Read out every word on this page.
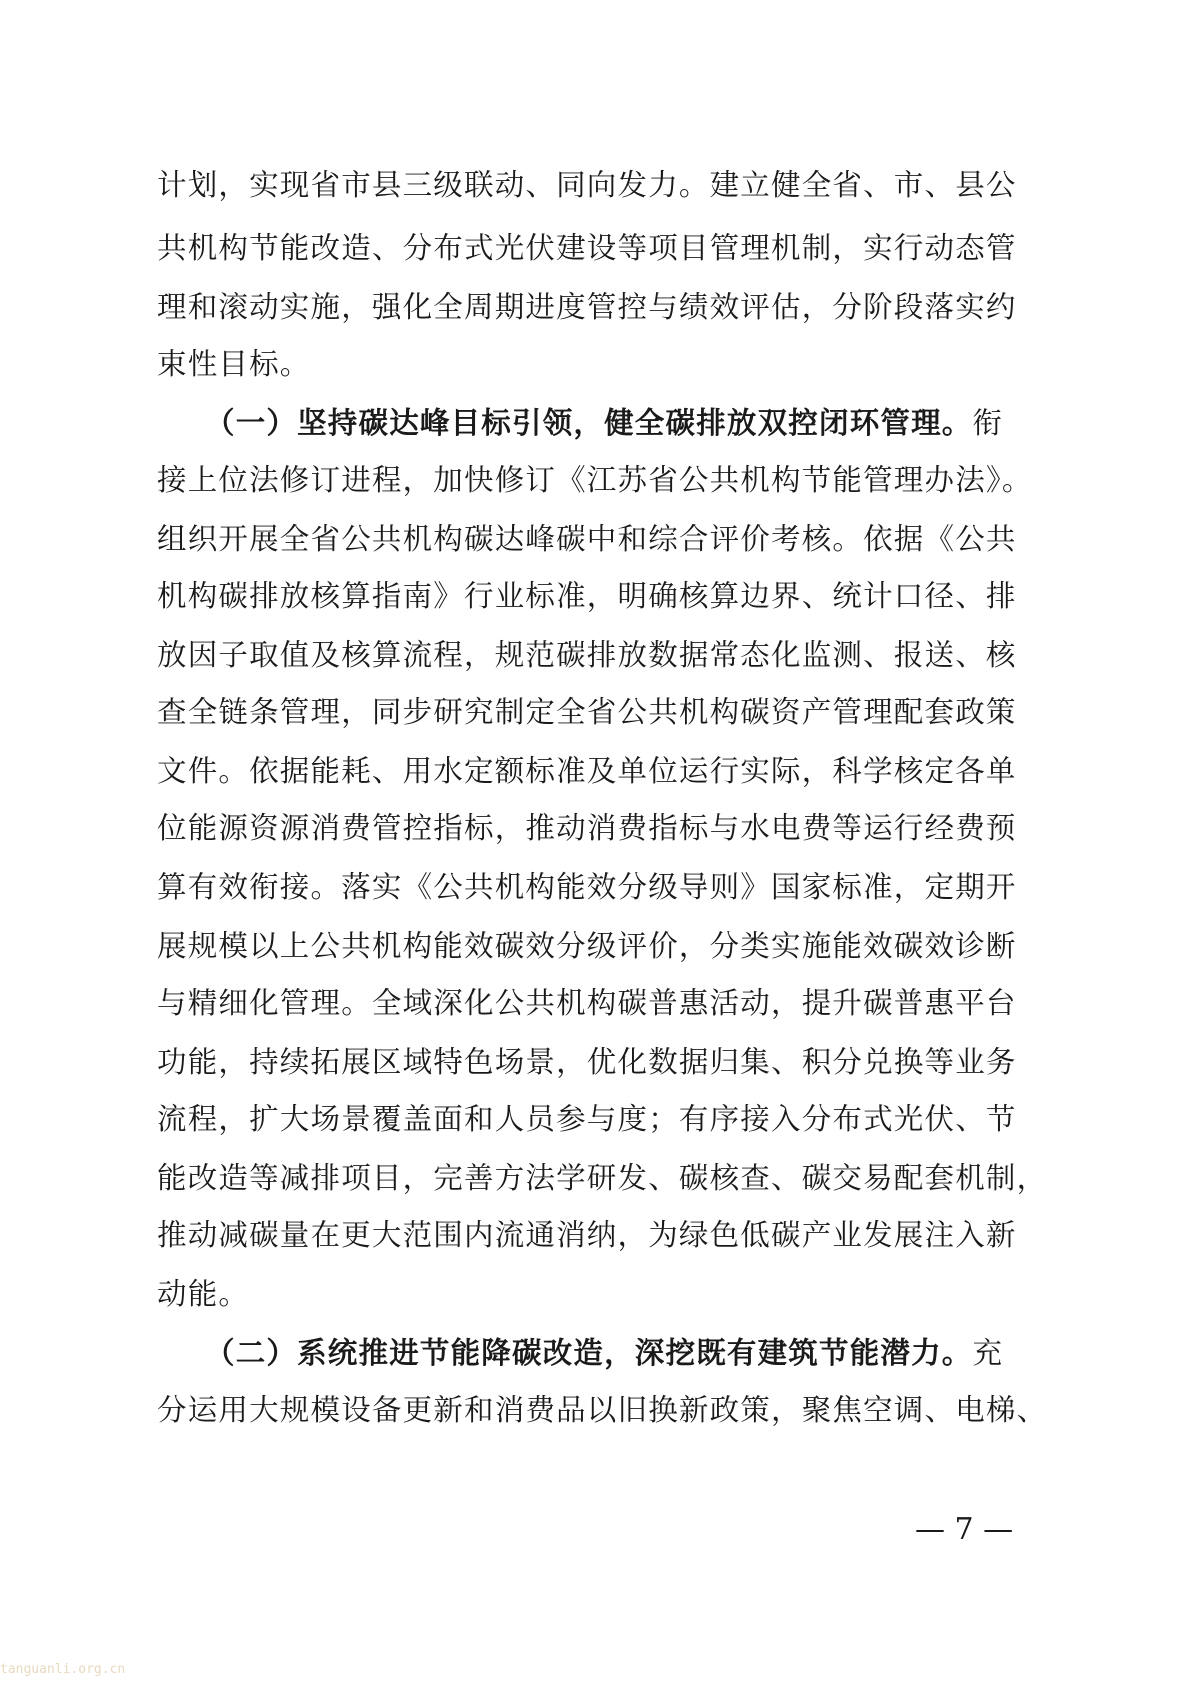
计划，实现省市县三级联动、同向发力。建立健全省、市、县公
共机构节能改造、分布式光伏建设等项目管理机制，实行动态管
理和滚动实施，强化全周期进度管控与绩效评估，分阶段落实约
束性目标。
（一）坚持碳达峰目标引领，健全碳排放双控闭环管理。衔
接上位法修订进程，加快修订《江苏省公共机构节能管理办法》。
组织开展全省公共机构碳达峰碳中和综合评价考核。依据《公共
机构碳排放核算指南》行业标准，明确核算边界、统计口径、排
放因子取值及核算流程，规范碳排放数据常态化监测、报送、核
查全链条管理，同步研究制定全省公共机构碳资产管理配套政策
文件。依据能耗、用水定额标准及单位运行实际，科学核定各单
位能源资源消费管控指标，推动消费指标与水电费等运行经费预
算有效衔接。落实《公共机构能效分级导则》国家标准，定期开
展规模以上公共机构能效碳效分级评价，分类实施能效碳效诊断
与精细化管理。全域深化公共机构碳普惠活动，提升碳普惠平台
功能，持续拓展区域特色场景，优化数据归集、积分兑换等业务
流程，扩大场景覆盖面和人员参与度；有序接入分布式光伏、节
能改造等减排项目，完善方法学研发、碳核查、碳交易配套机制，
推动减碳量在更大范围内流通消纳，为绿色低碳产业发展注入新
动能。
（二）系统推进节能降碳改造，深挖既有建筑节能潜力。充
分运用大规模设备更新和消费品以旧换新政策，聚焦空调、电梯、
— 7 —
tanguanli.org.cn
